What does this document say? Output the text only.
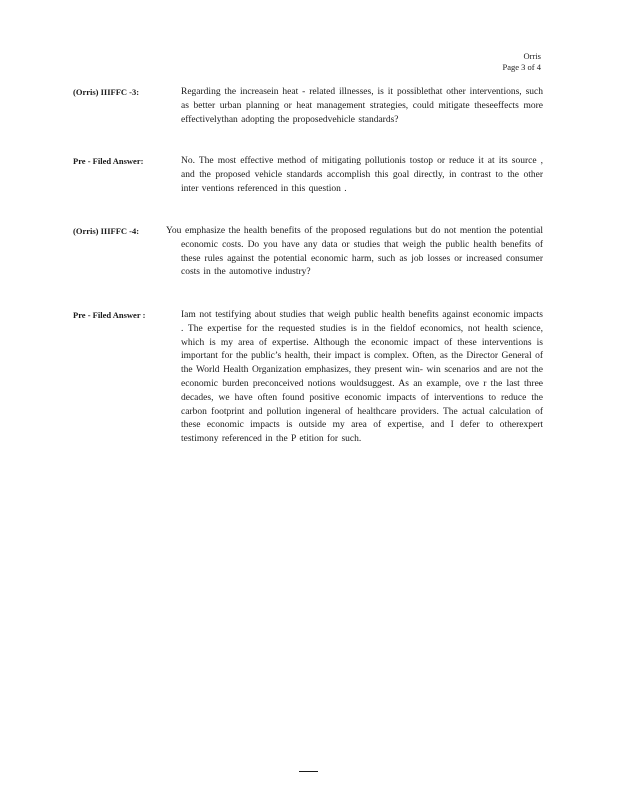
Orris
Page 3 of 4
(Orris) IIIFFC -3:	Regarding the increasein heat - related illnesses, is it possiblethat other interventions, such as better urban planning or heat management strategies, could mitigate theseeffects more effectivelythan adopting the proposedvehicle standards?
Pre - Filed Answer:	No. The most effective method of mitigating pollutionis tostop or reduce it at its source , and the proposed vehicle standards accomplish this goal directly, in contrast to the other inter ventions referenced in this question .
(Orris) IIIFFC -4:	You emphasize the health benefits of the proposed regulations but do not mention the potential economic costs. Do you have any data or studies that weigh the public health benefits of these rules against the potential economic harm, such as job losses or increased consumer costs in the automotive industry?
Pre - Filed Answer :	Iam not testifying about studies that weigh public health benefits against economic impacts . The expertise for the requested studies is in the fieldof economics, not health science, which is my area of expertise. Although the economic impact of these interventions is important for the public’s health, their impact is complex. Often, as the Director General of the World Health Organization emphasizes, they present win- win scenarios and are not the economic burden preconceived notions wouldsuggest. As an example, ove r the last three decades, we have often found positive economic impacts of interventions to reduce the carbon footprint and pollution ingeneral of healthcare providers. The actual calculation of these economic impacts is outside my area of expertise, and I defer to otherexpert testimony referenced in the P etition for such.
